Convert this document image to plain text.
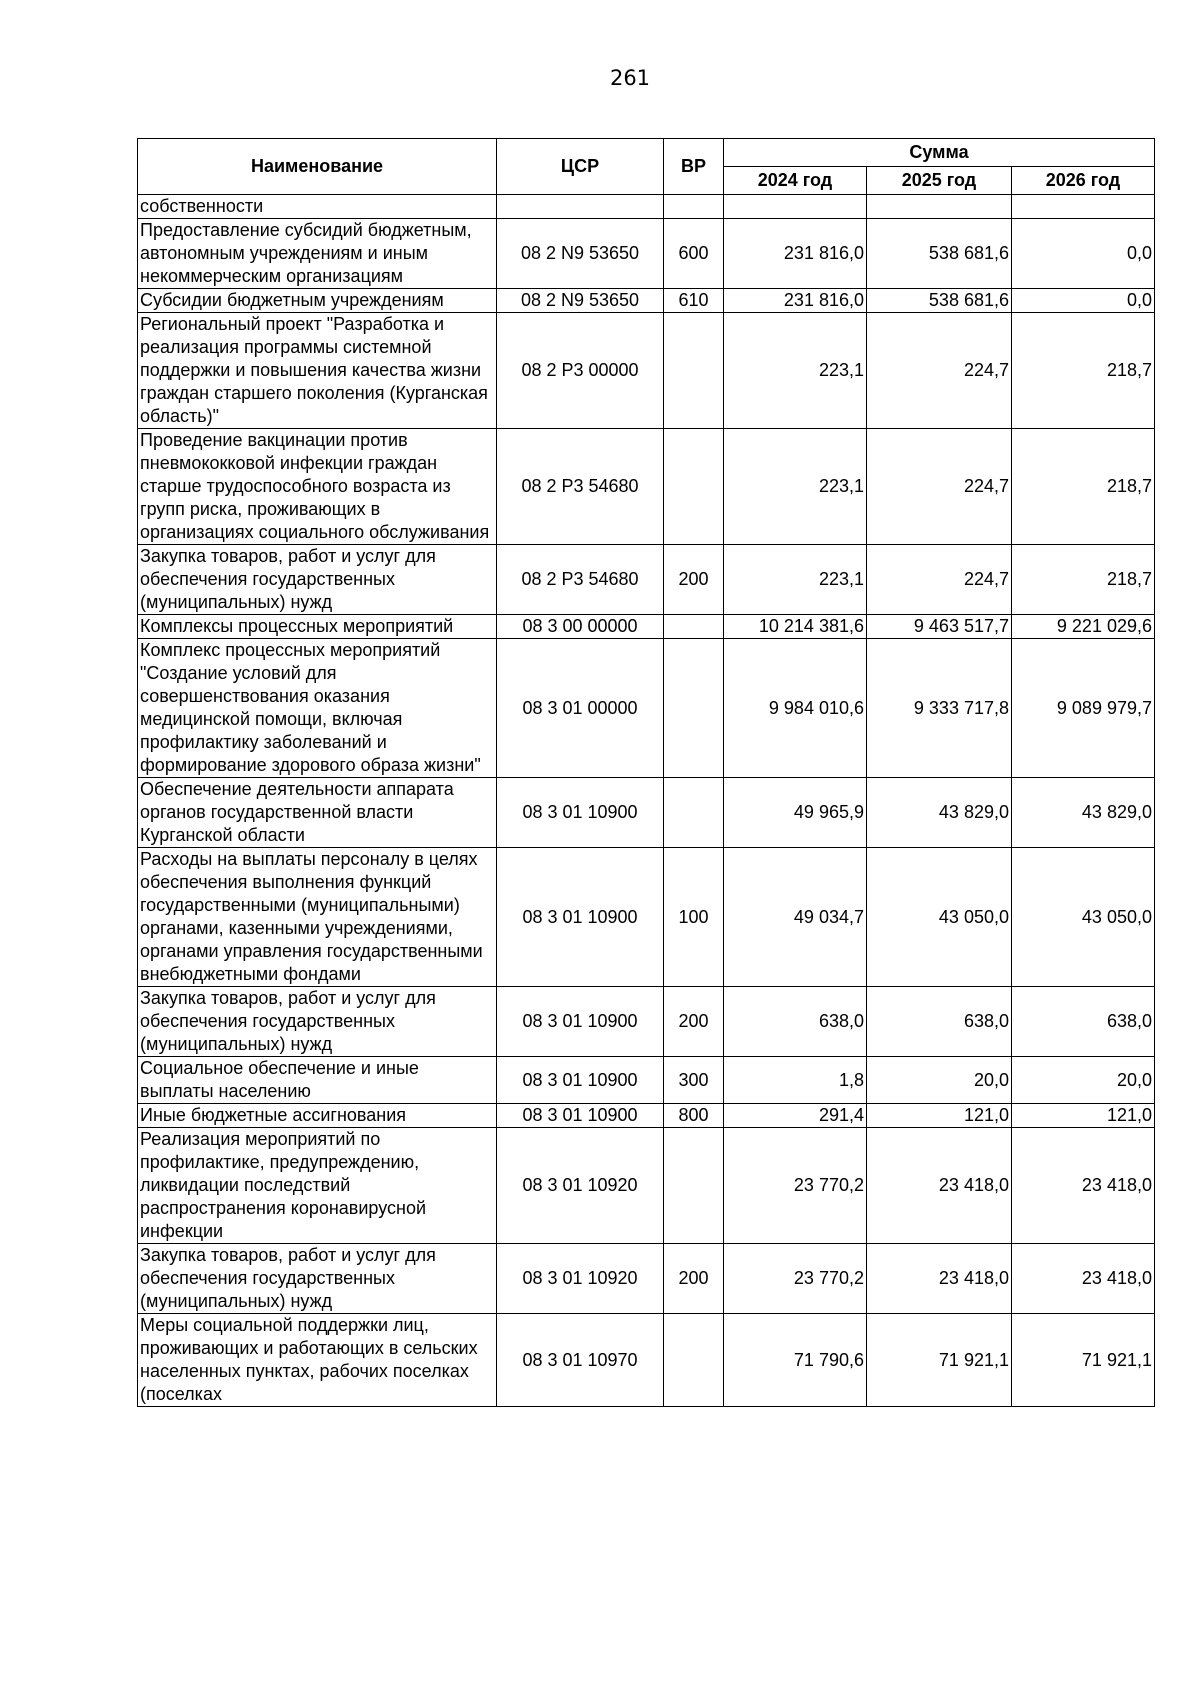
261
Наименование	ЦСР	ВР	Сумма		
			2024 год	2025 год	2026 год
собственности					
Предоставление субсидий бюджетным, автономным учреждениям и иным некоммерческим организациям	08 2 N9 53650	600	231 816,0	538 681,6	0,0
Субсидии бюджетным учреждениям	08 2 N9 53650	610	231 816,0	538 681,6	0,0
Региональный проект "Разработка и реализация программы системной поддержки и повышения качества жизни граждан старшего поколения (Курганская область)"	08 2 P3 00000		223,1	224,7	218,7
Проведение вакцинации против пневмококковой инфекции граждан старше трудоспособного возраста из групп риска, проживающих в организациях социального обслуживания	08 2 P3 54680		223,1	224,7	218,7
Закупка товаров, работ и услуг для обеспечения государственных (муниципальных) нужд	08 2 P3 54680	200	223,1	224,7	218,7
Комплексы процессных мероприятий	08 3 00 00000		10 214 381,6	9 463 517,7	9 221 029,6
Комплекс процессных мероприятий "Создание условий для совершенствования оказания медицинской помощи, включая профилактику заболеваний и формирование здорового образа жизни"	08 3 01 00000		9 984 010,6	9 333 717,8	9 089 979,7
Обеспечение деятельности аппарата органов государственной власти Курганской области	08 3 01 10900		49 965,9	43 829,0	43 829,0
Расходы на выплаты персоналу в целях обеспечения выполнения функций государственными (муниципальными) органами, казенными учреждениями, органами управления государственными внебюджетными фондами	08 3 01 10900	100	49 034,7	43 050,0	43 050,0
Закупка товаров, работ и услуг для обеспечения государственных (муниципальных) нужд	08 3 01 10900	200	638,0	638,0	638,0
Социальное обеспечение и иные выплаты населению	08 3 01 10900	300	1,8	20,0	20,0
Иные бюджетные ассигнования	08 3 01 10900	800	291,4	121,0	121,0
Реализация мероприятий по профилактике, предупреждению, ликвидации последствий распространения коронавирусной инфекции	08 3 01 10920		23 770,2	23 418,0	23 418,0
Закупка товаров, работ и услуг для обеспечения государственных (муниципальных) нужд	08 3 01 10920	200	23 770,2	23 418,0	23 418,0
Меры социальной поддержки лиц, проживающих и работающих в сельских населенных пунктах, рабочих поселках (поселках	08 3 01 10970		71 790,6	71 921,1	71 921,1
